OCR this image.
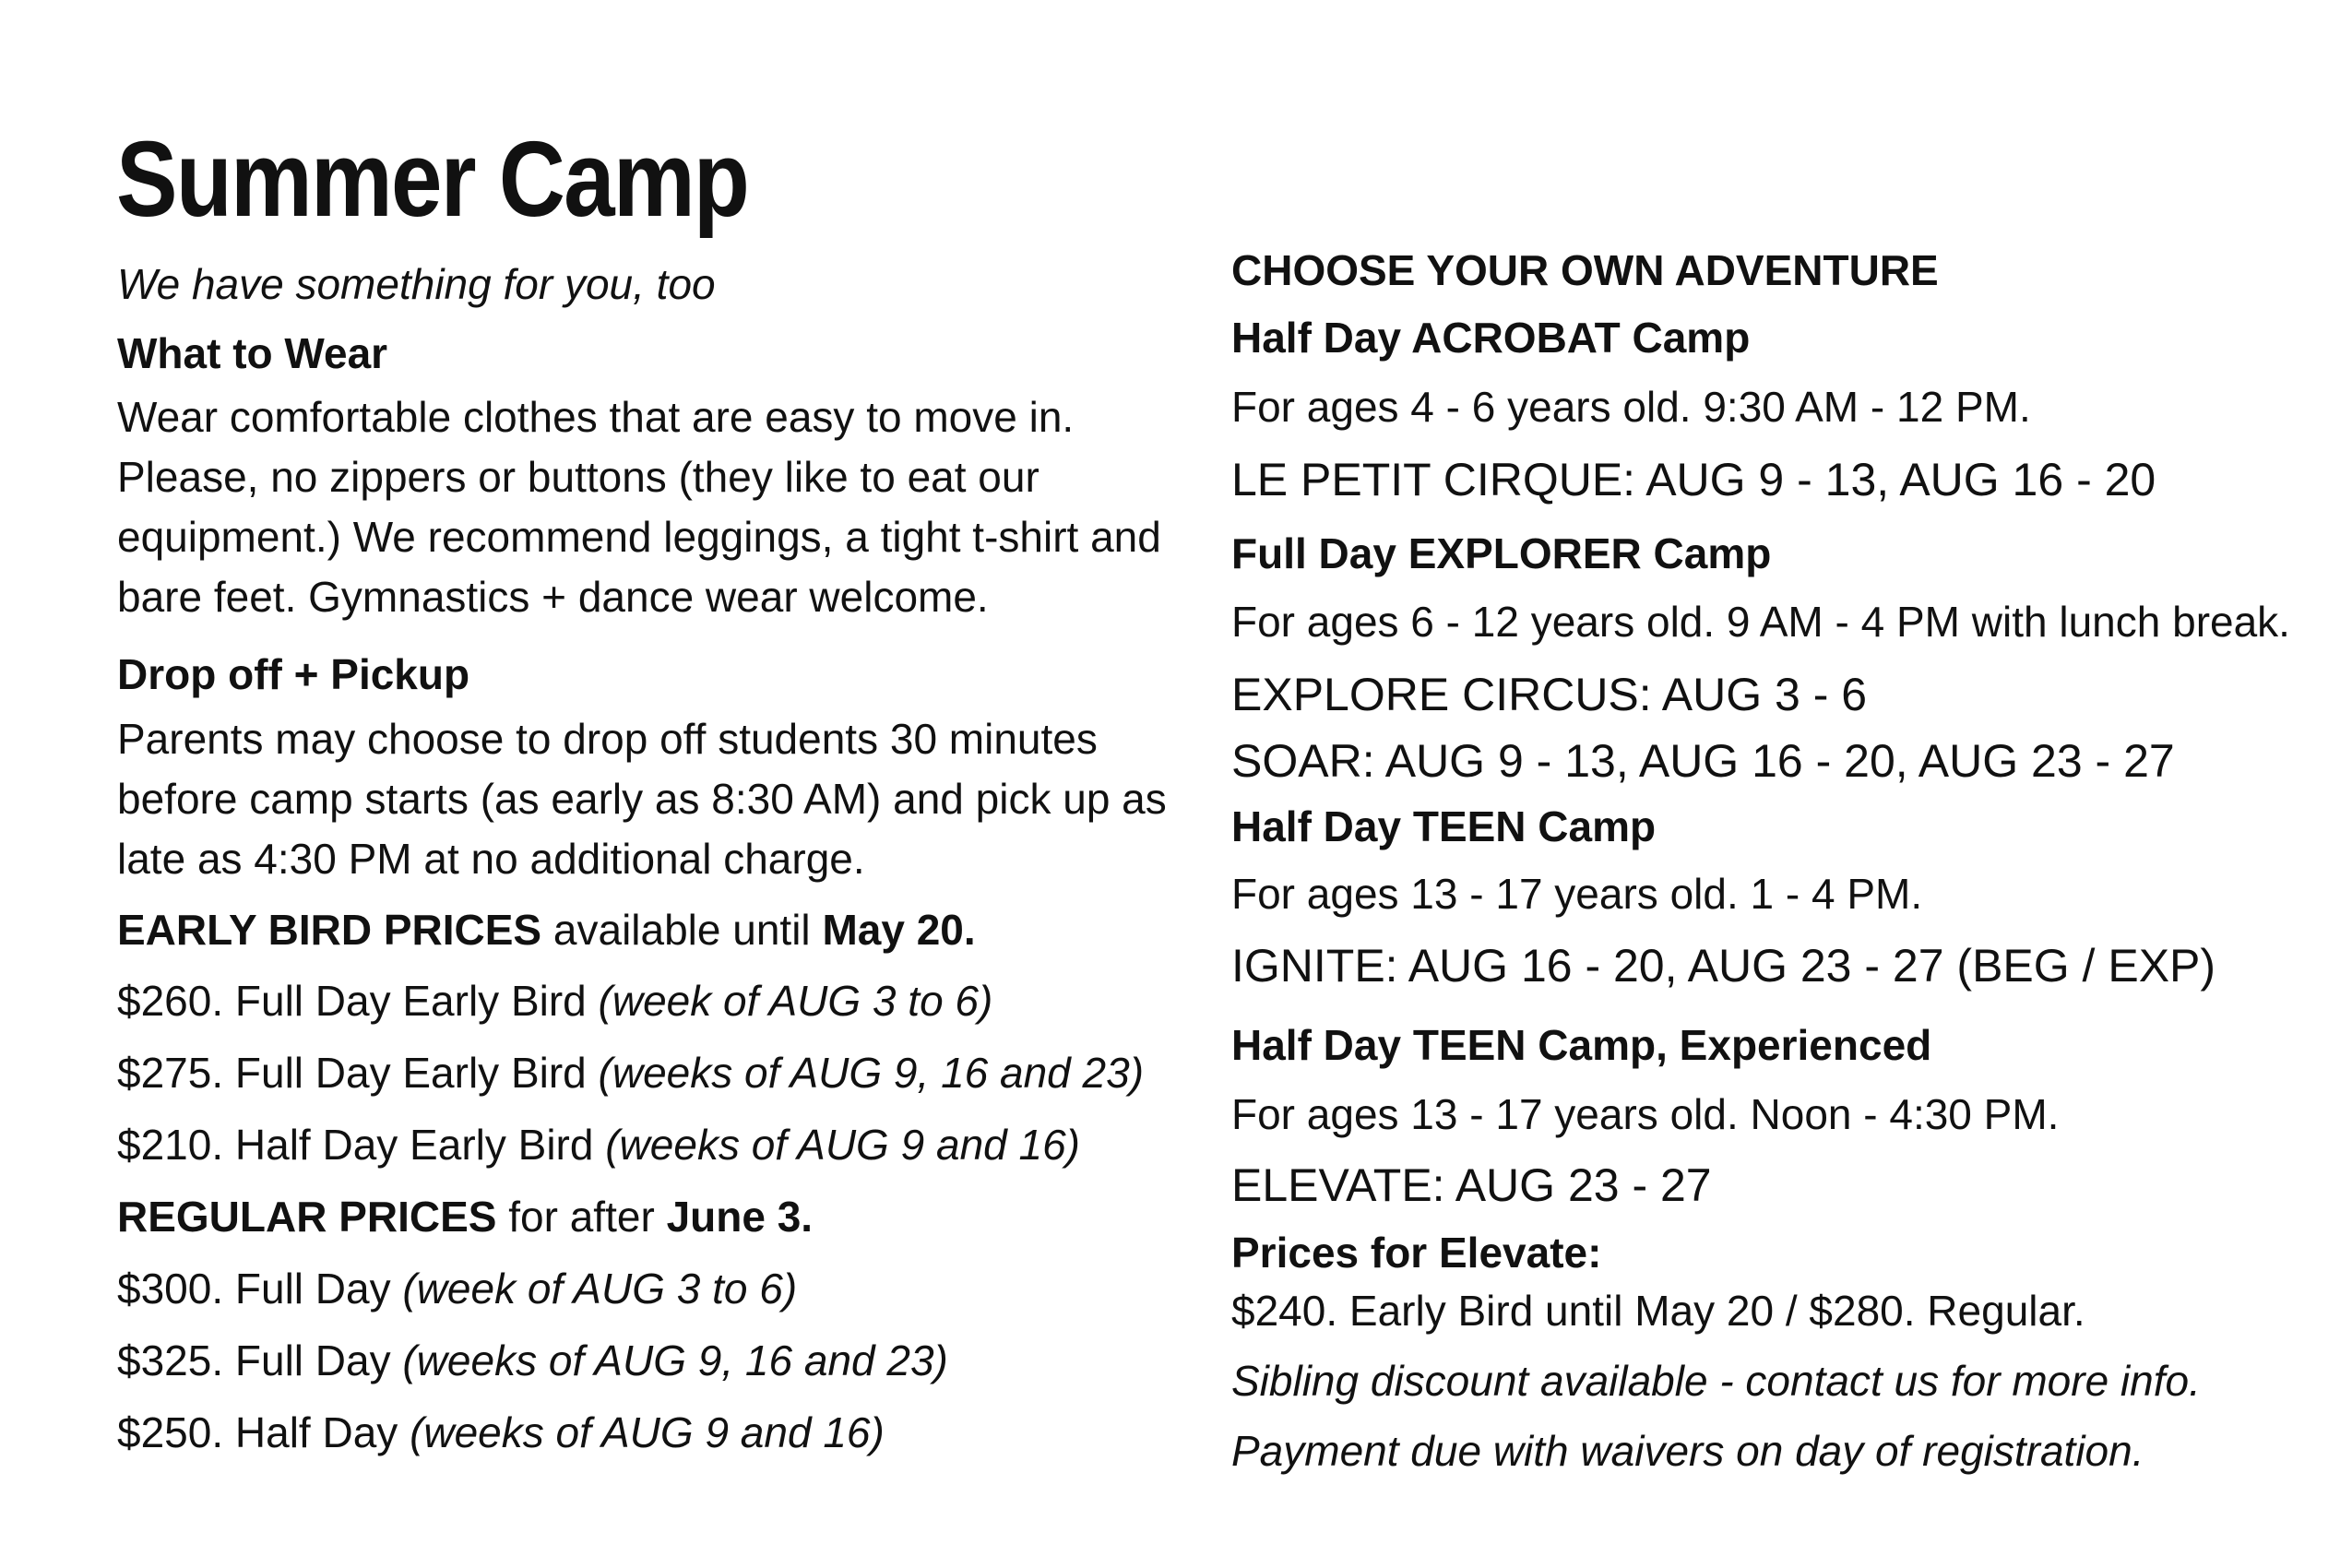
Summer Camp
We have something for you, too
What to Wear
Wear comfortable clothes that are easy to move in.
Please, no zippers or buttons (they like to eat our
equipment.) We recommend leggings, a tight t-shirt and
bare feet. Gymnastics + dance wear welcome.
Drop off + Pickup
Parents may choose to drop off students 30 minutes
before camp starts (as early as 8:30 AM) and pick up as
late as 4:30 PM at no additional charge.
EARLY BIRD PRICES available until May 20.
$260. Full Day Early Bird (week of AUG 3 to 6)
$275. Full Day Early Bird (weeks of AUG 9, 16 and 23)
$210. Half Day Early Bird (weeks of AUG 9 and 16)
REGULAR PRICES for after June 3.
$300. Full Day (week of AUG 3 to 6)
$325. Full Day (weeks of AUG 9, 16 and 23)
$250. Half Day (weeks of AUG 9 and 16)
CHOOSE YOUR OWN ADVENTURE
Half Day ACROBAT Camp
For ages 4 - 6 years old. 9:30 AM - 12 PM.
LE PETIT CIRQUE: AUG 9 - 13, AUG 16 - 20
Full Day EXPLORER Camp
For ages 6 - 12 years old. 9 AM - 4 PM with lunch break.
EXPLORE CIRCUS: AUG 3 - 6
SOAR: AUG 9 - 13, AUG 16 - 20, AUG 23 - 27
Half Day TEEN Camp
For ages 13 - 17 years old. 1 - 4 PM.
IGNITE: AUG 16 - 20, AUG 23 - 27 (BEG / EXP)
Half Day TEEN Camp, Experienced
For ages 13 - 17 years old. Noon - 4:30 PM.
ELEVATE: AUG 23 - 27
Prices for Elevate:
$240. Early Bird until May 20 / $280. Regular.
Sibling discount available - contact us for more info.
Payment due with waivers on day of registration.
